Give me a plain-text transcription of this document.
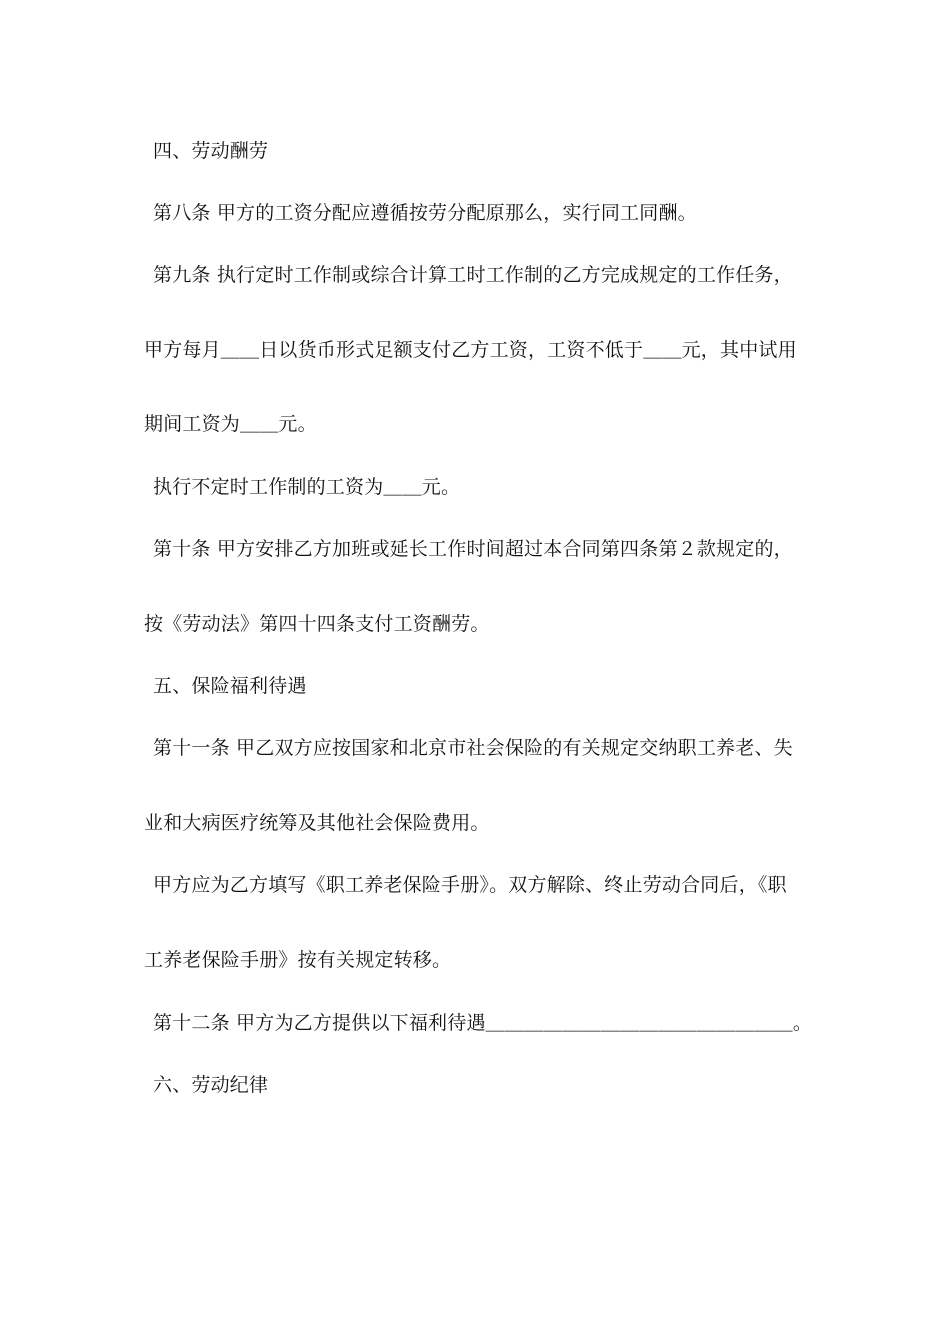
四、劳动酬劳
第八条 甲方的工资分配应遵循按劳分配原那么，实行同工同酬。
第九条 执行定时工作制或综合计算工时工作制的乙方完成规定的工作任务，
甲方每月＿＿日以货币形式足额支付乙方工资，工资不低于＿＿元，其中试用
期间工资为＿＿元。
执行不定时工作制的工资为＿＿元。
第十条 甲方安排乙方加班或延长工作时间超过本合同第四条第２款规定的，
按《劳动法》第四十四条支付工资酬劳。
五、保险福利待遇
第十一条 甲乙双方应按国家和北京市社会保险的有关规定交纳职工养老、失
业和大病医疗统筹及其他社会保险费用。
甲方应为乙方填写《职工养老保险手册》。双方解除、终止劳动合同后，《职
工养老保险手册》按有关规定转移。
第十二条 甲方为乙方提供以下福利待遇＿＿＿＿＿＿＿＿＿＿＿＿＿＿＿＿。
六、劳动纪律
